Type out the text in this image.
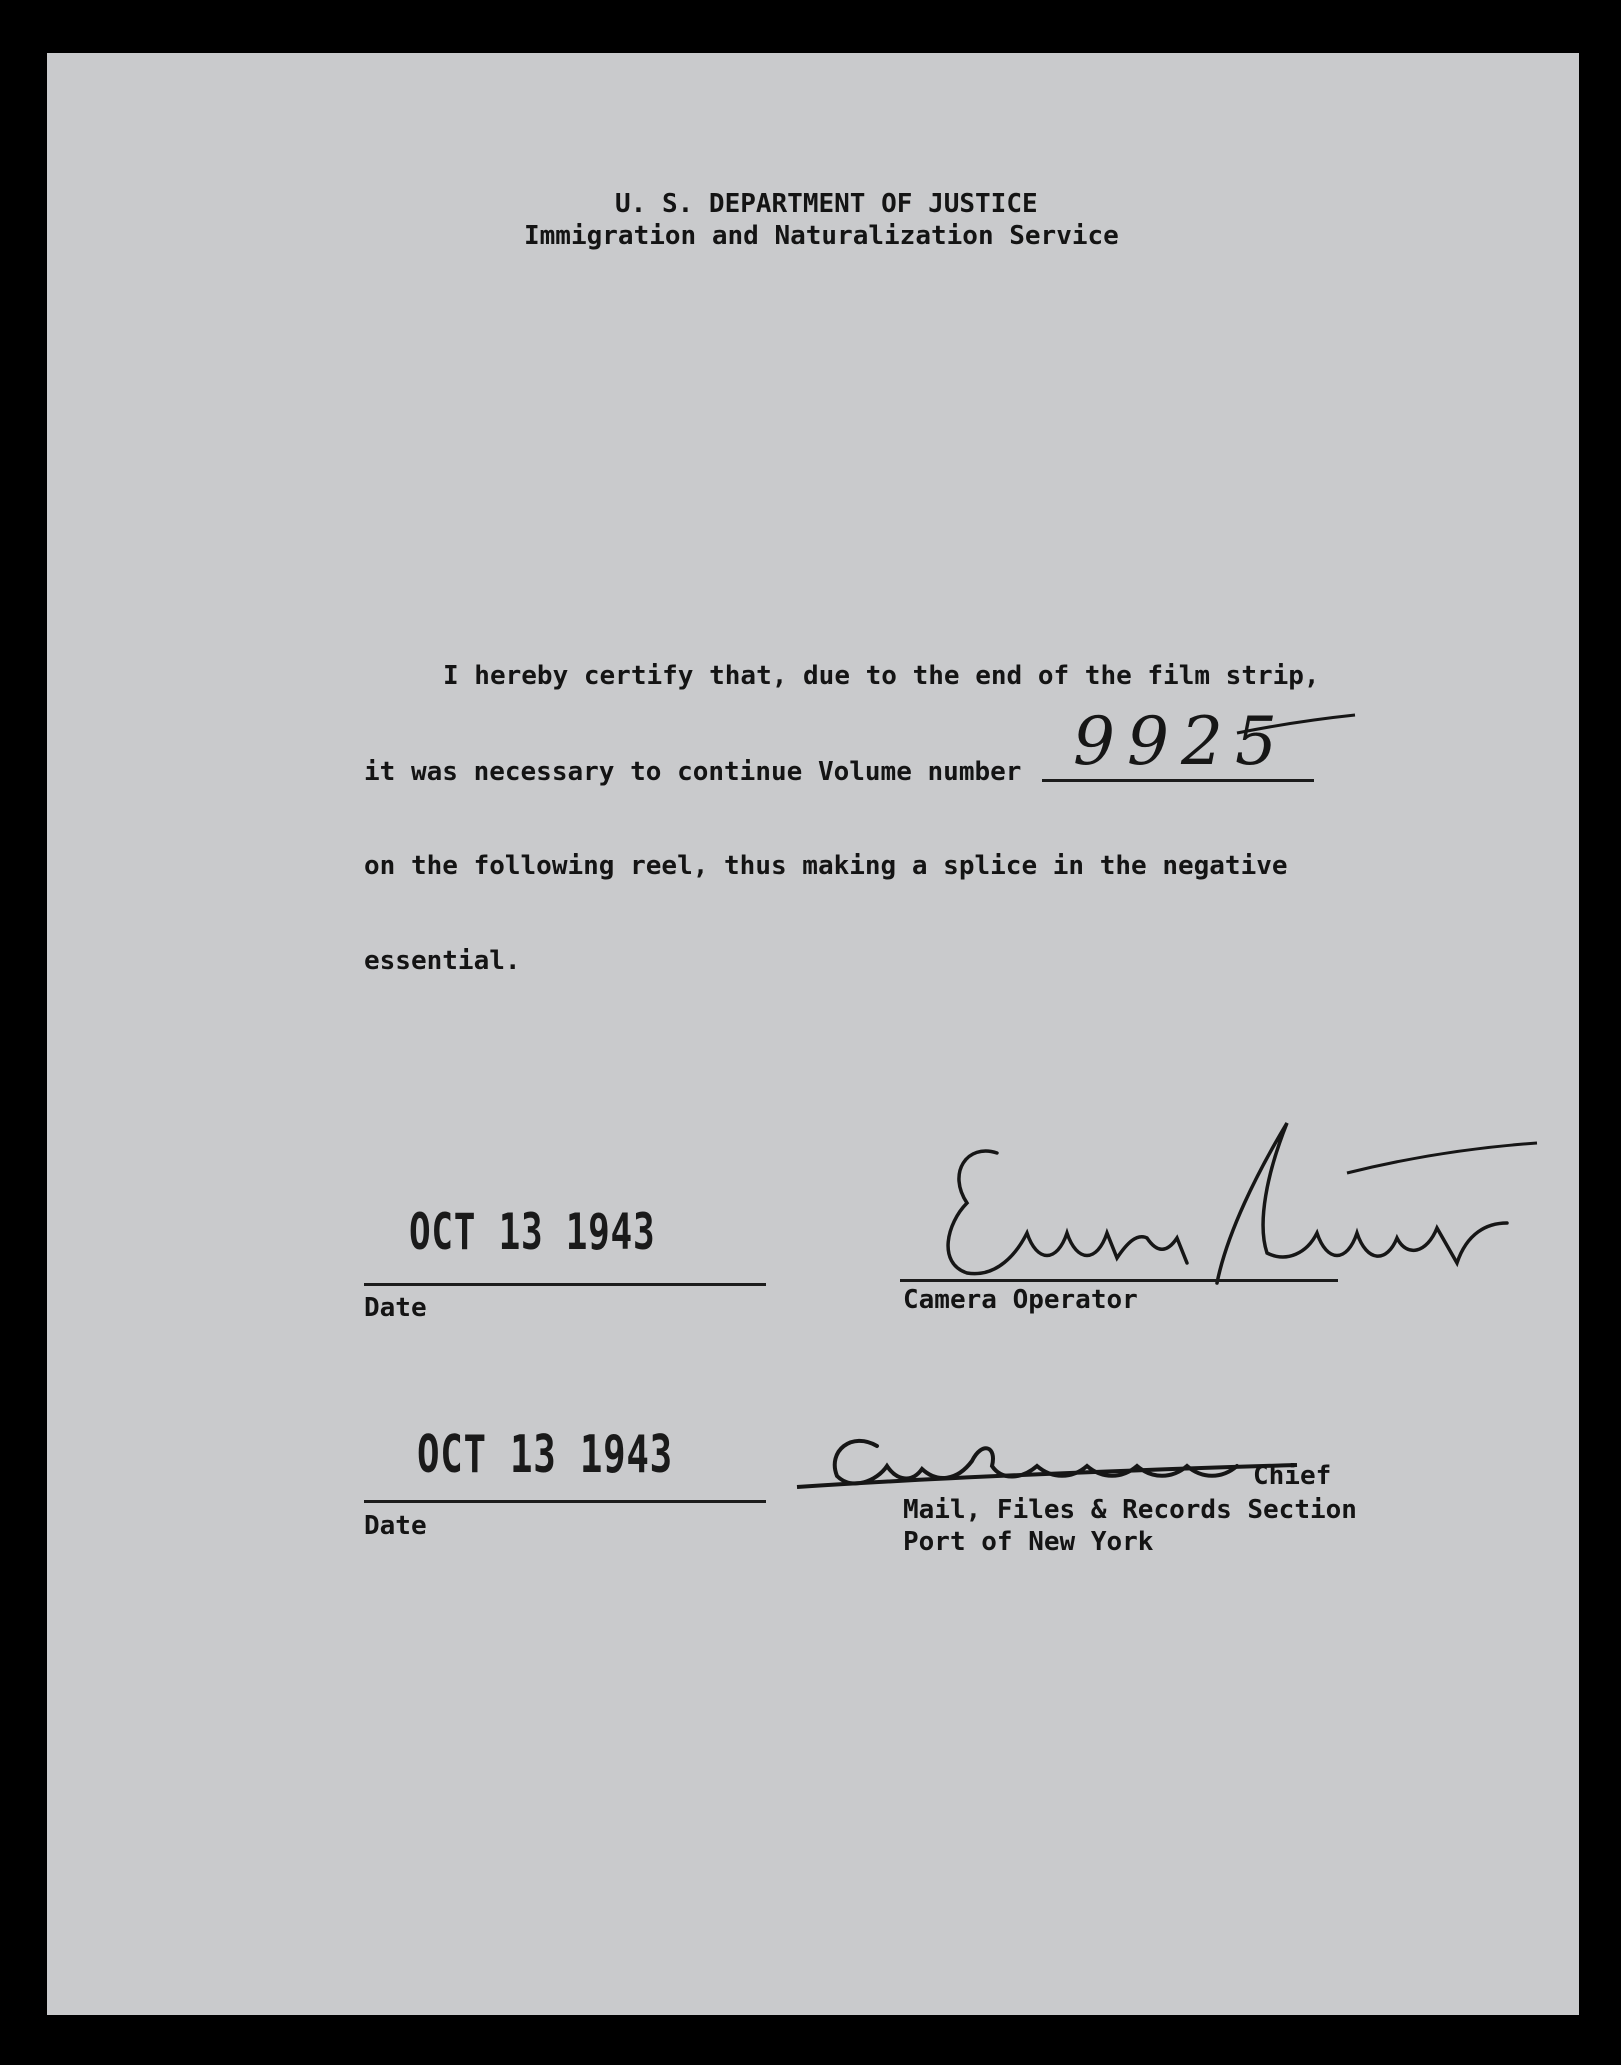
U. S. DEPARTMENT OF JUSTICE
Immigration and Naturalization Service
I hereby certify that, due to the end of the film strip,
it was necessary to continue Volume number 9925
on the following reel, thus making a splice in the negative
essential.
OCT 13 1943
Date	Camera Operator
OCT 13 1943
Date
Chief
Mail, Files & Records Section
Port of New York
